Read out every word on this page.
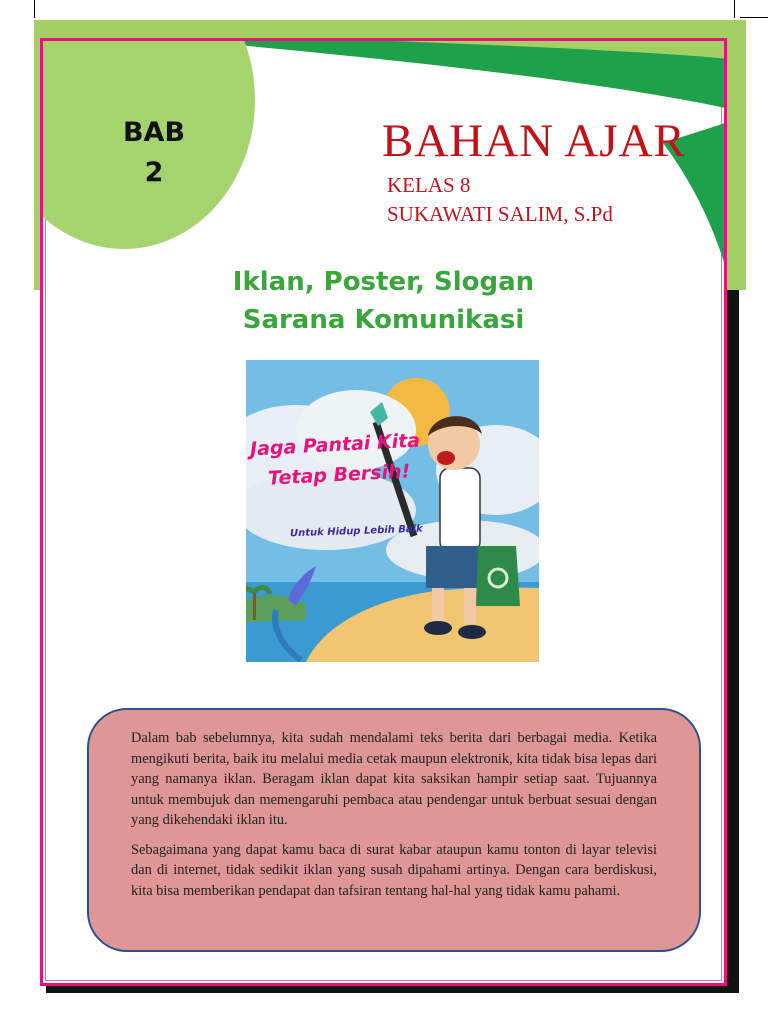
BAB
2
BAHAN AJAR
KELAS 8
SUKAWATI SALIM, S.Pd
Iklan, Poster, Slogan
Sarana Komunikasi
Jaga Pantai Kita
Tetap Bersih!
Untuk Hidup Lebih Baik

Dalam bab sebelumnya, kita sudah mendalami teks berita dari berbagai media. Ketika mengikuti berita, baik itu melalui media cetak maupun elektronik, kita tidak bisa lepas dari yang namanya iklan. Beragam iklan dapat kita saksikan hampir setiap saat. Tujuannya untuk membujuk dan memengaruhi pembaca atau pendengar untuk berbuat sesuai dengan yang dikehendaki iklan itu.

Sebagaimana yang dapat kamu baca di surat kabar ataupun kamu tonton di layar televisi dan di internet, tidak sedikit iklan yang susah dipahami artinya. Dengan cara berdiskusi, kita bisa memberikan pendapat dan tafsiran tentang hal-hal yang tidak kamu pahami.
